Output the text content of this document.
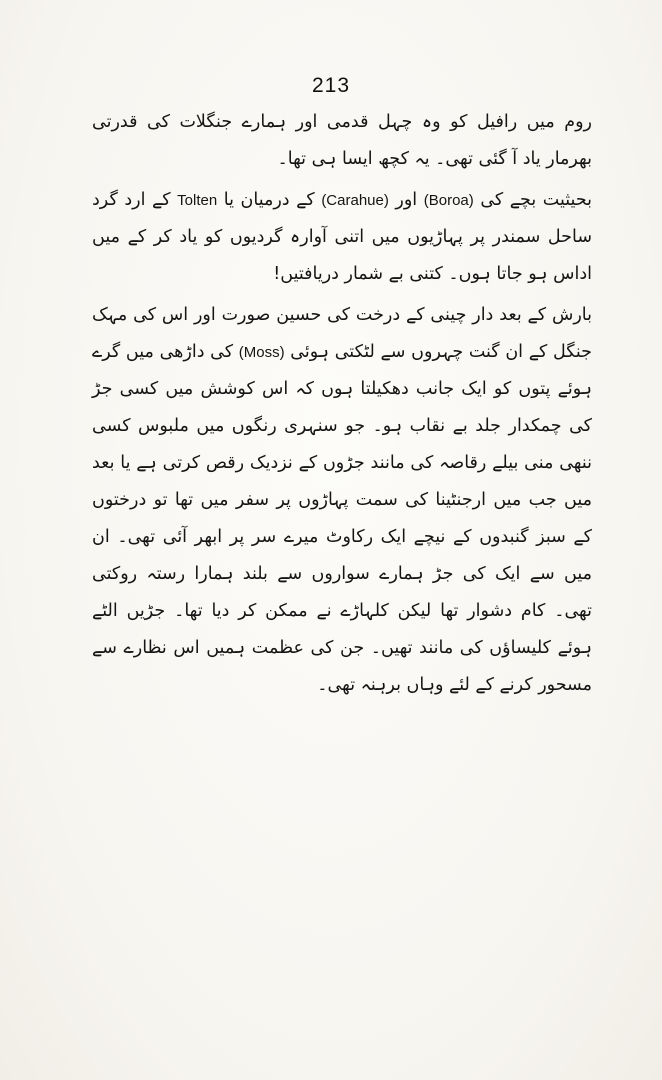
213

روم میں رافیل کو وہ چہل قدمی اور ہمارے جنگلات کی قدرتی بھرمار یاد آ گئی تھی۔ یہ کچھ ایسا ہی تھا۔

بحیثیت بچے کی (Boroa) اور (Carahue) کے درمیان یا Tolten کے ارد گرد ساحل سمندر پر پہاڑیوں میں اتنی آوارہ گردیوں کو یاد کر کے میں اداس ہو جاتا ہوں۔ کتنی بے شمار دریافتیں!

بارش کے بعد دار چینی کے درخت کی حسین صورت اور اس کی مہک جنگل کے ان گنت چہروں سے لٹکتی ہوئی (Moss) کی داڑھی میں گرے ہوئے پتوں کو ایک جانب دھکیلتا ہوں کہ اس کوشش میں کسی جڑ کی چمکدار جلد بے نقاب ہو۔ جو سنہری رنگوں میں ملبوس کسی ننھی منی بیلے رقاصہ کی مانند جڑوں کے نزدیک رقص کرتی ہے یا بعد میں جب میں ارجنٹینا کی سمت پہاڑوں پر سفر میں تھا تو درختوں کے سبز گنبدوں کے نیچے ایک رکاوٹ میرے سر پر ابھر آئی تھی۔ ان میں سے ایک کی جڑ ہمارے سواروں سے بلند ہمارا رستہ روکتی تھی۔ کام دشوار تھا لیکن کلہاڑے نے ممکن کر دیا تھا۔ جڑیں الٹے ہوئے کلیساؤں کی مانند تھیں۔ جن کی عظمت ہمیں اس نظارے سے مسحور کرنے کے لئے وہاں برہنہ تھی۔
